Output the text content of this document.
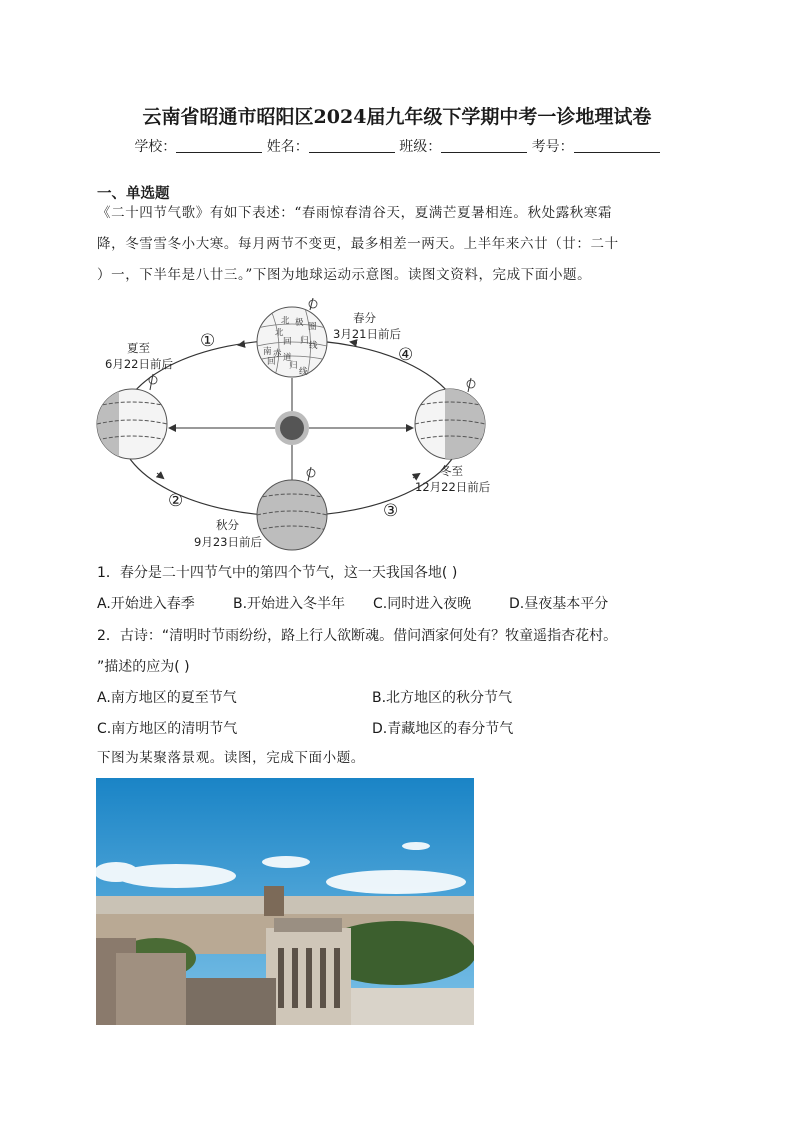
云南省昭通市昭阳区2024届九年级下学期中考一诊地理试卷
学校：	姓名：	班级：	考号：
一、单选题
《二十四节气歌》有如下表述：“春雨惊春清谷天，夏满芒夏暑相连。秋处露秋寒霜
降，冬雪雪冬小大寒。每月两节不变更，最多相差一两天。上半年来六廿（廿：二十
）一，下半年是八廿三。”下图为地球运动示意图。读图文资料，完成下面小题。
北 极 圈
北
回 归 线
赤 道
南
回 归
线
春分
3月21日前后
夏至
6月22日前后
秋分
9月23日前后
冬至
12月22日前后
①
②	③
④
1．春分是二十四节气中的第四个节气，这一天我国各地( )
A.开始进入春季	B.开始进入冬半年 C.同时进入夜晚	D.昼夜基本平分
2．古诗：“清明时节雨纷纷，路上行人欲断魂。借问酒家何处有？牧童遥指杏花村。
”描述的应为( )
A.南方地区的夏至节气	B.北方地区的秋分节气
C.南方地区的清明节气	D.青藏地区的春分节气
下图为某聚落景观。读图，完成下面小题。
